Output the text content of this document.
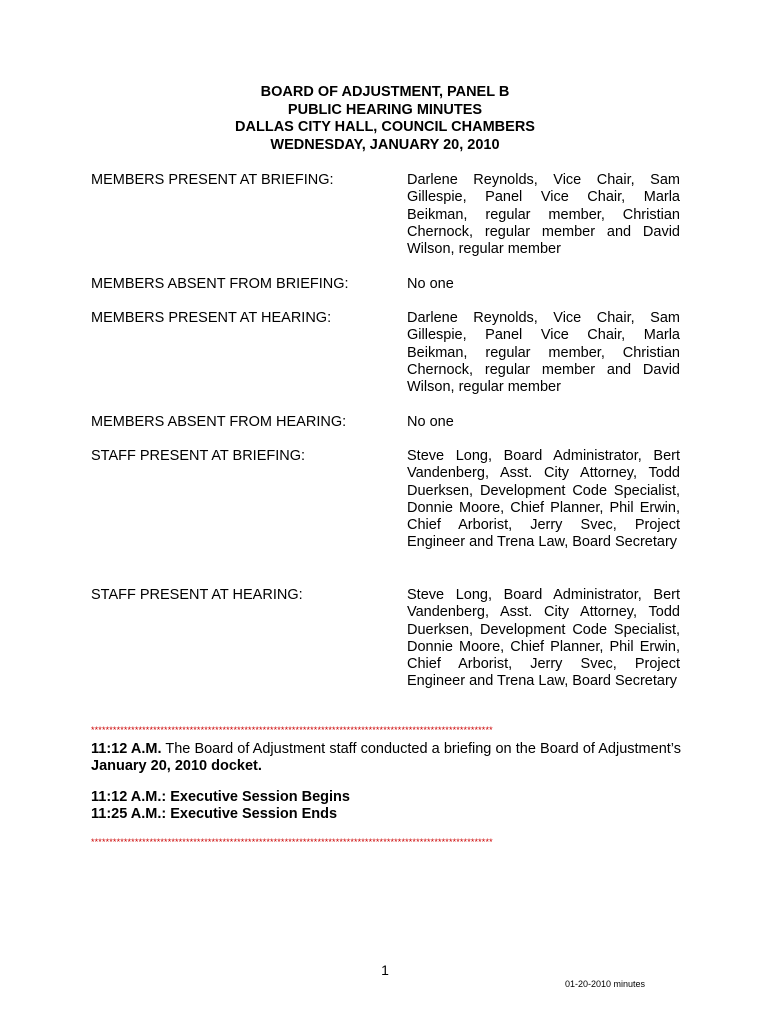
BOARD OF ADJUSTMENT, PANEL B
PUBLIC HEARING MINUTES
DALLAS CITY HALL, COUNCIL CHAMBERS
WEDNESDAY, JANUARY 20, 2010
MEMBERS PRESENT AT BRIEFING:	Darlene Reynolds, Vice Chair, Sam Gillespie, Panel Vice Chair, Marla Beikman, regular member, Christian Chernock, regular member and David Wilson, regular member
MEMBERS ABSENT FROM BRIEFING:	No one
MEMBERS PRESENT AT HEARING:	Darlene Reynolds, Vice Chair, Sam Gillespie, Panel Vice Chair, Marla Beikman, regular member, Christian Chernock, regular member and David Wilson, regular member
MEMBERS ABSENT FROM HEARING:	No one
STAFF PRESENT AT BRIEFING:	Steve Long, Board Administrator, Bert Vandenberg, Asst. City Attorney, Todd Duerksen, Development Code Specialist, Donnie Moore, Chief Planner, Phil Erwin, Chief Arborist, Jerry Svec, Project Engineer and Trena Law, Board Secretary
STAFF PRESENT AT HEARING:	Steve Long, Board Administrator, Bert Vandenberg, Asst. City Attorney, Todd Duerksen, Development Code Specialist, Donnie Moore, Chief Planner, Phil Erwin, Chief Arborist, Jerry Svec, Project Engineer and Trena Law, Board Secretary
**************************************************************************************************************
11:12 A.M. The Board of Adjustment staff conducted a briefing on the Board of Adjustment’s January 20, 2010 docket.
11:12 A.M.: Executive Session Begins
11:25 A.M.: Executive Session Ends
**************************************************************************************************************
1
01-20-2010 minutes
